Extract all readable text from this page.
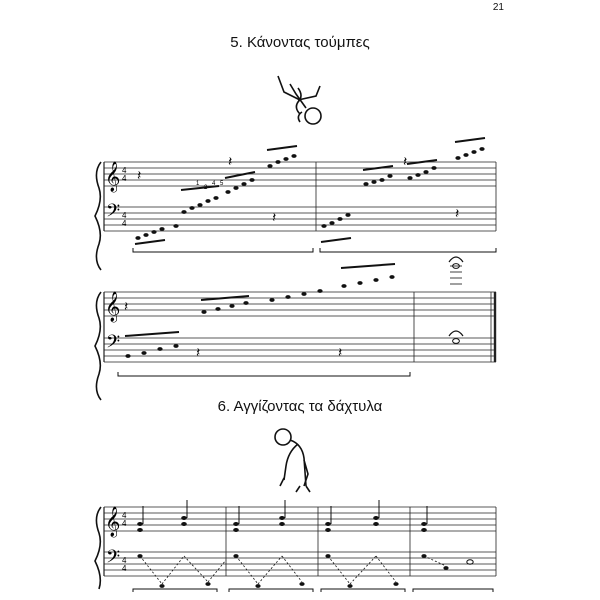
21
5. Κάνοντας τούμπες
6. Αγγίζοντας τα δάχτυλα
𝄞
𝄢
4
4
4
4
1
2
4 5
𝄽
𝄽
𝄽
𝄽
𝄽
𝄞
𝄢
𝄽
𝄽	𝄽
𝄞
𝄢
4
4
4
4
